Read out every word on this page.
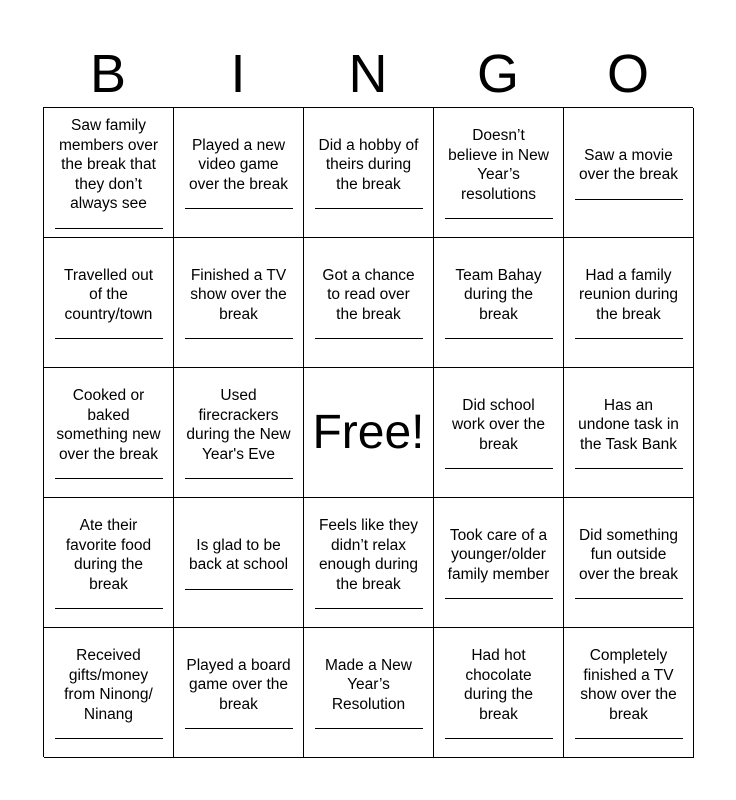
B	I	N	G	O
Saw family
members over
the break that
they don’t
always see
Played a new
video game
over the break
Did a hobby of
theirs during
the break
Doesn’t
believe in New
Year’s
resolutions
Saw a movie
over the break
Travelled out
of the
country/town
Finished a TV
show over the
break
Got a chance
to read over
the break
Team Bahay
during the
break
Had a family
reunion during
the break
Cooked or
baked
something new
over the break
Used
firecrackers
during the New
Year's Eve Free!
Did school
work over the
break
Has an
undone task in
the Task Bank
Ate their
favorite food
during the
break
Is glad to be
back at school
Feels like they
didn’t relax
enough during
the break
Took care of a
younger/older
family member
Did something
fun outside
over the break
Received
gifts/money
from Ninong/
Ninang
Played a board
game over the
break
Made a New
Year’s
Resolution
Had hot
chocolate
during the
break
Completely
finished a TV
show over the
break
